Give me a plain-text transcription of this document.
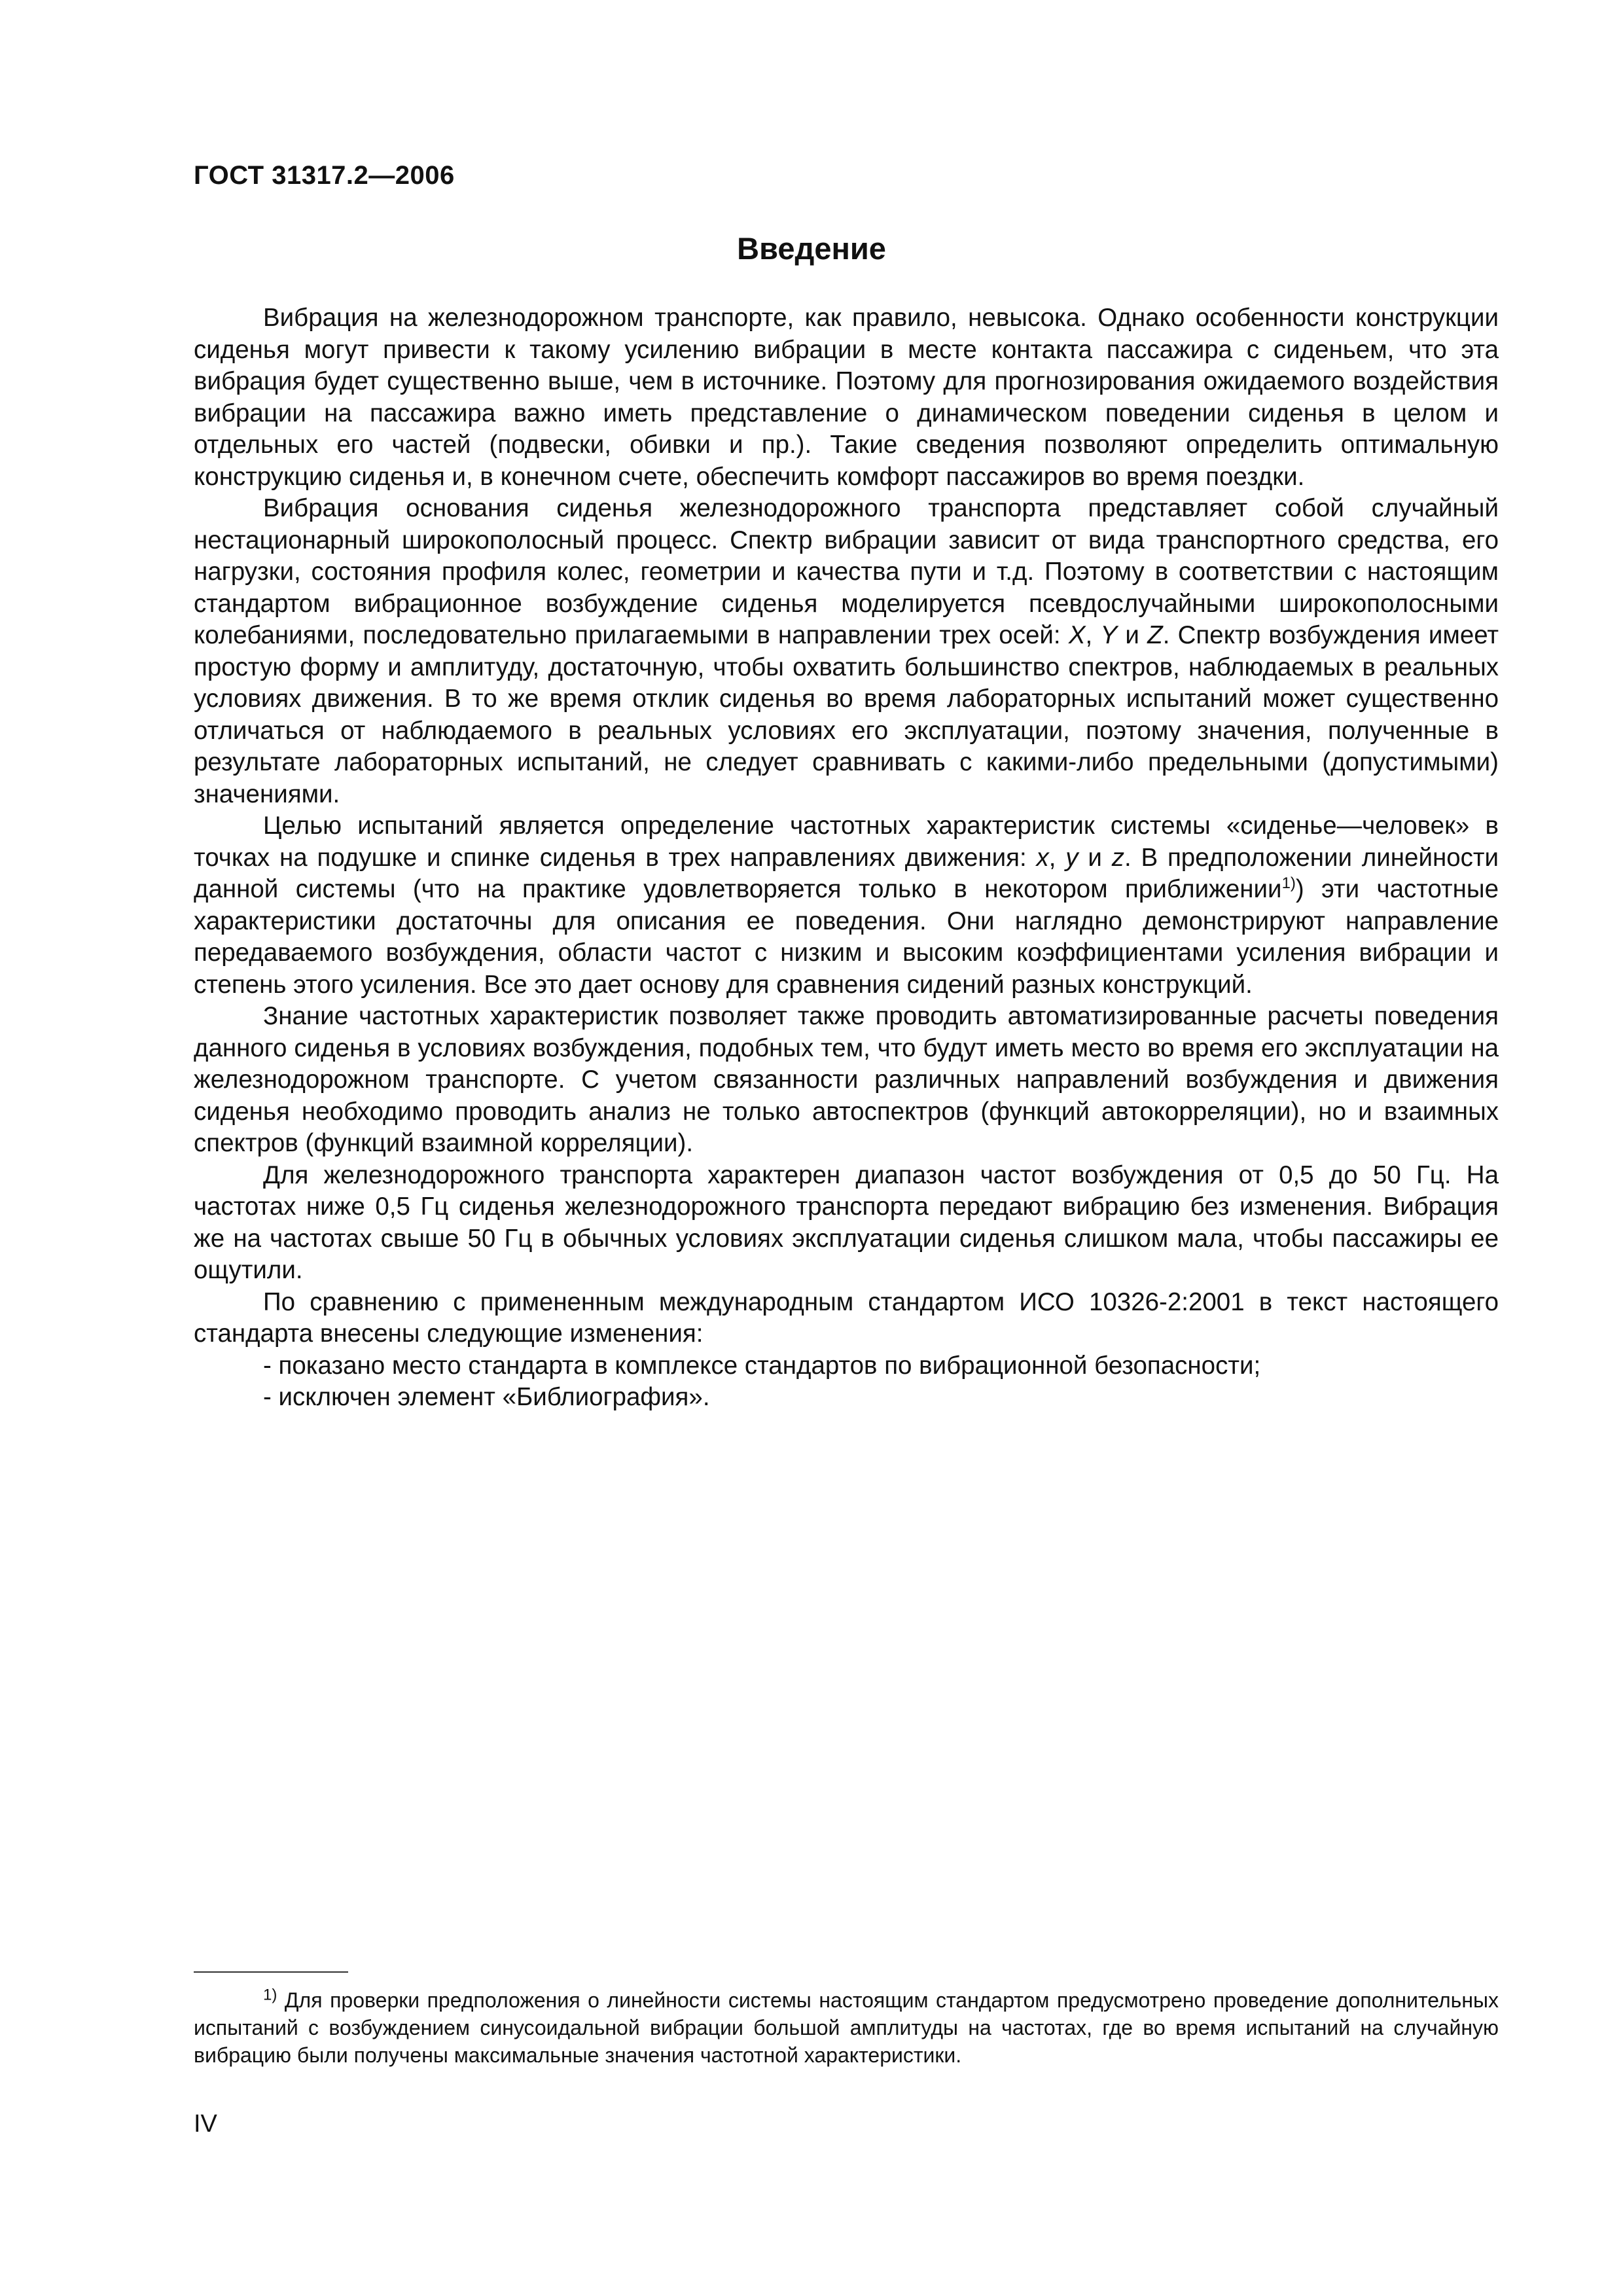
ГОСТ 31317.2—2006
Введение

Вибрация на железнодорожном транспорте, как правило, невысока. Однако особенности конструкции сиденья могут привести к такому усилению вибрации в месте контакта пассажира с сиденьем, что эта вибрация будет существенно выше, чем в источнике. Поэтому для прогнозирования ожидаемого воздействия вибрации на пассажира важно иметь представление о динамическом поведении сиденья в целом и отдельных его частей (подвески, обивки и пр.). Такие сведения позволяют определить оптимальную конструкцию сиденья и, в конечном счете, обеспечить комфорт пассажиров во время поездки.

Вибрация основания сиденья железнодорожного транспорта представляет собой случайный нестационарный широкополосный процесс. Спектр вибрации зависит от вида транспортного средства, его нагрузки, состояния профиля колес, геометрии и качества пути и т.д. Поэтому в соответствии с настоящим стандартом вибрационное возбуждение сиденья моделируется псевдослучайными широкополосными колебаниями, последовательно прилагаемыми в направлении трех осей: X, Y и Z. Спектр возбуждения имеет простую форму и амплитуду, достаточную, чтобы охватить большинство спектров, наблюдаемых в реальных условиях движения. В то же время отклик сиденья во время лабораторных испытаний может существенно отличаться от наблюдаемого в реальных условиях его эксплуатации, поэтому значения, полученные в результате лабораторных испытаний, не следует сравнивать с какими-либо предельными (допустимыми) значениями.

Целью испытаний является определение частотных характеристик системы «сиденье—человек» в точках на подушке и спинке сиденья в трех направлениях движения: x, y и z. В предположении линейности данной системы (что на практике удовлетворяется только в некотором приближении$^{1)}$) эти частотные характеристики достаточны для описания ее поведения. Они наглядно демонстрируют направление передаваемого возбуждения, области частот с низким и высоким коэффициентами усиления вибрации и степень этого усиления. Все это дает основу для сравнения сидений разных конструкций.

Знание частотных характеристик позволяет также проводить автоматизированные расчеты поведения данного сиденья в условиях возбуждения, подобных тем, что будут иметь место во время его эксплуатации на железнодорожном транспорте. С учетом связанности различных направлений возбуждения и движения сиденья необходимо проводить анализ не только автоспектров (функций автокорреляции), но и взаимных спектров (функций взаимной корреляции).

Для железнодорожного транспорта характерен диапазон частот возбуждения от 0,5 до 50 Гц. На частотах ниже 0,5 Гц сиденья железнодорожного транспорта передают вибрацию без изменения. Вибрация же на частотах свыше 50 Гц в обычных условиях эксплуатации сиденья слишком мала, чтобы пассажиры ее ощутили.

По сравнению с примененным международным стандартом ИСО 10326-2:2001 в текст настоящего стандарта внесены следующие изменения:

- показано место стандарта в комплексе стандартов по вибрационной безопасности;

- исключен элемент «Библиография».

$^{1)}$ Для проверки предположения о линейности системы настоящим стандартом предусмотрено проведение дополнительных испытаний с возбуждением синусоидальной вибрации большой амплитуды на частотах, где во время испытаний на случайную вибрацию были получены максимальные значения частотной характеристики.

IV
